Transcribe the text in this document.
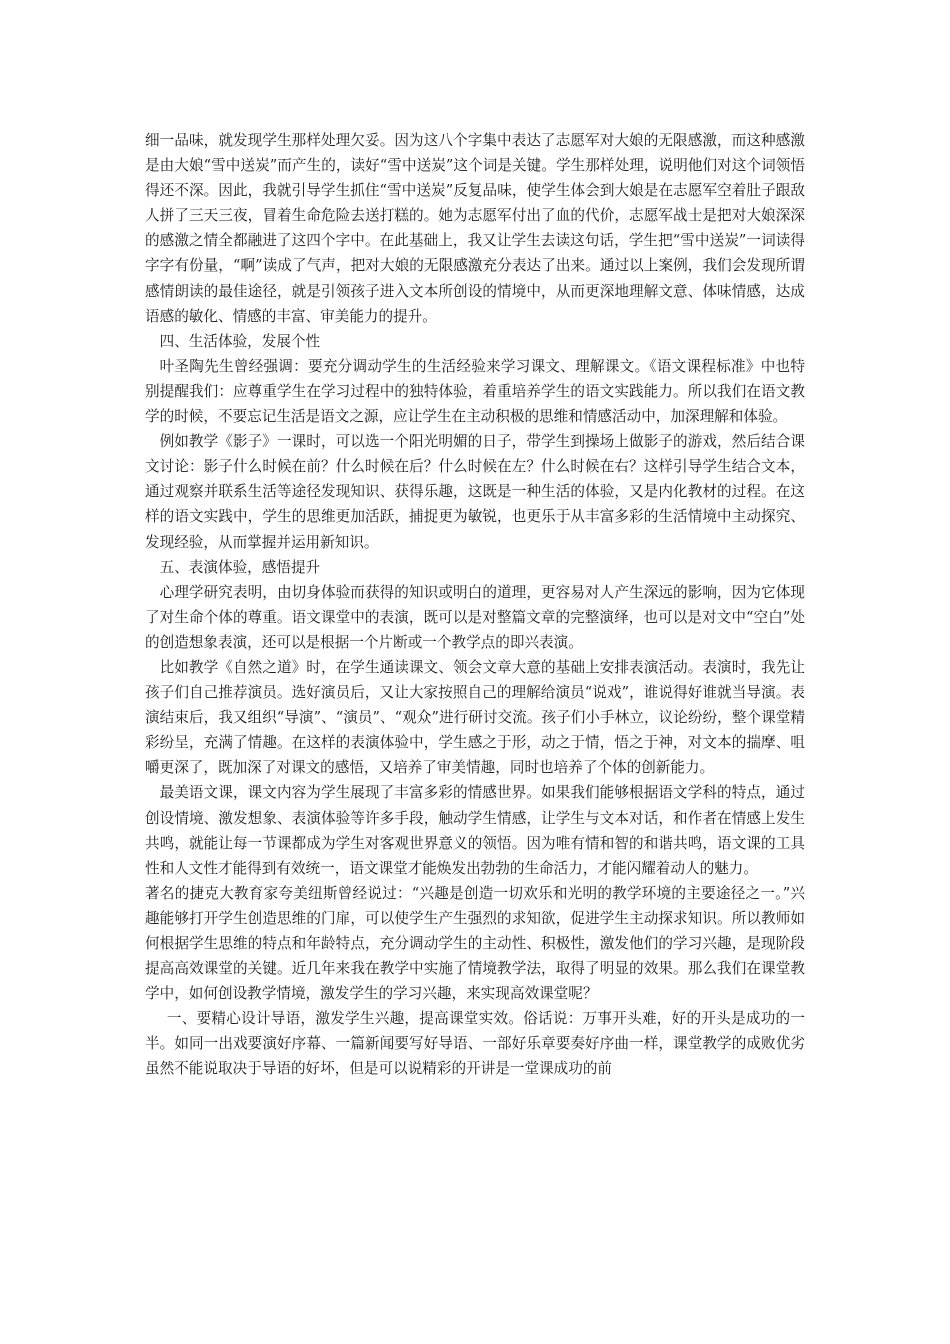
细一品味，就发现学生那样处理欠妥。因为这八个字集中表达了志愿军对大娘的无限感激，而这种感激是由大娘“雪中送炭”而产生的，读好“雪中送炭”这个词是关键。学生那样处理，说明他们对这个词领悟得还不深。因此，我就引导学生抓住“雪中送炭”反复品味，使学生体会到大娘是在志愿军空着肚子跟敌人拼了三天三夜，冒着生命危险去送打糕的。她为志愿军付出了血的代价，志愿军战士是把对大娘深深的感激之情全都融进了这四个字中。在此基础上，我又让学生去读这句话，学生把“雪中送炭”一词读得字字有份量，“啊”读成了气声，把对大娘的无限感激充分表达了出来。通过以上案例，我们会发现所谓感情朗读的最佳途径，就是引领孩子进入文本所创设的情境中，从而更深地理解文意、体味情感，达成语感的敏化、情感的丰富、审美能力的提升。

四、生活体验，发展个性

叶圣陶先生曾经强调：要充分调动学生的生活经验来学习课文、理解课文。《语文课程标准》中也特别提醒我们：应尊重学生在学习过程中的独特体验，着重培养学生的语文实践能力。所以我们在语文教学的时候，不要忘记生活是语文之源，应让学生在主动积极的思维和情感活动中，加深理解和体验。

例如教学《影子》一课时，可以选一个阳光明媚的日子，带学生到操场上做影子的游戏，然后结合课文讨论：影子什么时候在前？什么时候在后？什么时候在左？什么时候在右？这样引导学生结合文本，通过观察并联系生活等途径发现知识、获得乐趣，这既是一种生活的体验，又是内化教材的过程。在这样的语文实践中，学生的思维更加活跃，捕捉更为敏锐，也更乐于从丰富多彩的生活情境中主动探究、发现经验，从而掌握并运用新知识。

五、表演体验，感悟提升

心理学研究表明，由切身体验而获得的知识或明白的道理，更容易对人产生深远的影响，因为它体现了对生命个体的尊重。语文课堂中的表演，既可以是对整篇文章的完整演绎，也可以是对文中“空白”处的创造想象表演，还可以是根据一个片断或一个教学点的即兴表演。

比如教学《自然之道》时，在学生通读课文、领会文章大意的基础上安排表演活动。表演时，我先让孩子们自己推荐演员。选好演员后，又让大家按照自己的理解给演员“说戏”，谁说得好谁就当导演。表演结束后，我又组织“导演”、“演员”、“观众”进行研讨交流。孩子们小手林立，议论纷纷，整个课堂精彩纷呈，充满了情趣。在这样的表演体验中，学生感之于形，动之于情，悟之于神，对文本的揣摩、咀嚼更深了，既加深了对课文的感悟，又培养了审美情趣，同时也培养了个体的创新能力。

最美语文课，课文内容为学生展现了丰富多彩的情感世界。如果我们能够根据语文学科的特点，通过创设情境、激发想象、表演体验等许多手段，触动学生情感，让学生与文本对话，和作者在情感上发生共鸣，就能让每一节课都成为学生对客观世界意义的领悟。因为唯有情和智的和谐共鸣，语文课的工具性和人文性才能得到有效统一，语文课堂才能焕发出勃勃的生命活力，才能闪耀着动人的魅力。

著名的捷克大教育家夸美纽斯曾经说过：“兴趣是创造一切欢乐和光明的教学环境的主要途径之一。”兴趣能够打开学生创造思维的门扉，可以使学生产生强烈的求知欲，促进学生主动探求知识。所以教师如何根据学生思维的特点和年龄特点，充分调动学生的主动性、积极性，激发他们的学习兴趣，是现阶段提高高效课堂的关键。近几年来我在教学中实施了情境教学法，取得了明显的效果。那么我们在课堂教学中，如何创设教学情境，激发学生的学习兴趣，来实现高效课堂呢？

一、要精心设计导语，激发学生兴趣，提高课堂实效。俗话说：万事开头难，好的开头是成功的一半。如同一出戏要演好序幕、一篇新闻要写好导语、一部好乐章要奏好序曲一样，课堂教学的成败优劣虽然不能说取决于导语的好坏，但是可以说精彩的开讲是一堂课成功的前
